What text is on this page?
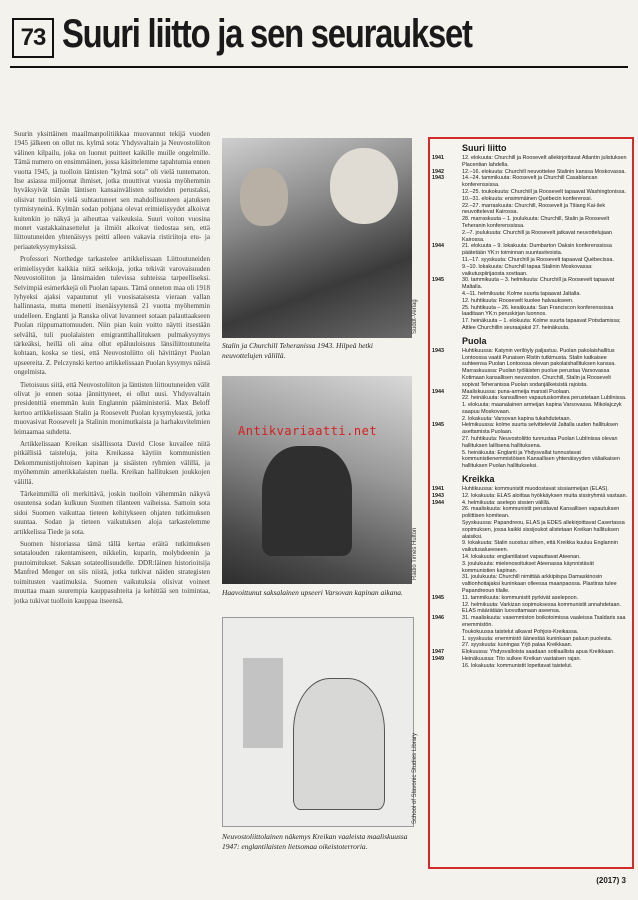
73 Suuri liitto ja sen seuraukset

Suurin yksittäinen maailmanpolitiikkaa muovannut tekijä vuoden 1945 jälkeen on ollut ns. kylmä sota: Yhdysvaltain ja Neuvostoliiton välinen kilpailu, joka on luonut puitteet kaikille muille ongelmille. Tämä numero on ensimmäinen, jossa käsittelemme tapahtumia ennen vuotta 1945, ja tuolloin läntisten ”kylmä sota” oli vielä tuntematon. Itse asiassa miljoonat ihmiset, jotka muuttivat vuosia myöhemmin hyväksyivät tämän läntisen kansainvälisten suhteiden perustaksi, olisivat tuolloin vielä suhtautuneet sen mahdollisuuteen ajatuksen tyrmistyneinä. Kylmän sodan pohjana olevat erimielisyydet alkoivat kuitenkin jo näkyä ja aiheuttaa vaikeuksia. Suuri voiton vuosina monet vastakkainasettelut ja ilmiöt alkoivat tiedostaa sen, että liittoutuneiden yhtenäisyys peitti alleen vakavia ristiriitoja etu- ja periaatekysymyksissä.

Professori Northedge tarkastelee artikkelissaan Liittoutuneiden erimielisyydet kaikkia niitä seikkoja, jotka tekivät varovaisuuden Neuvostoliiton ja länsimaiden tulevissa suhteissa tarpeelliseksi. Selvimpiä esimerkkejä oli Puolan tapaus. Tämä onneton maa oli 1918 lyhyeksi ajaksi vapautunut yli vuosisataisesta vieraan vallan hallinnasta, mutta menetti itsenäisyytensä 21 vuotta myöhemmin uudelleen. Englanti ja Ranska olivat luvanneet sotaan palauttaakseen Puolan riippumattomuuden. Niin pian kuin voitto näytti itsestään selvältä, tuli puolalaisten emigranttihallituksen pulmakysymys tärkeäksi, heillä oli aina ollut epäluuloisuus länsiliittoutuneita kohtaan, koska se tiesi, että Neuvostoliitto oli hävittänyt Puolan upseereita. Z. Pelczynski kertoo artikkelissaan Puolan kysymys näistä ongelmista.

Tietoisuus siitä, että Neuvostoliiton ja läntisten liittoutuneiden välit olivat jo ennen sotaa jännittyneet, ei ollut uusi. Yhdysvaltain presidenttiä enemmän kuin Englannin pääministeriä. Max Beloff kertoo artikkelissaan Stalin ja Roosevelt Puolan kysymyksestä, jotka muovasivat Roosevelt ja Stalinin monimutkaista ja harhakuvitelmien leimaamaa suhdetta.

Artikkelissaan Kreikan sisällissota David Close kuvailee niitä pitkällisiä taisteluja, joita Kreikassa käytiin kommunistien Dekommunistijohtoisen kapinan ja sisäisten ryhmien välillä, ja myöhemmin amerikkalaisten tuella. Kreikan hallituksen joukkojen välillä.

Tärkeimmillä oli merkittävä, joskin tuolloin vähemmän näkyvä osuutensa sodan kulkuun Suomen tilanteen vaiheissa. Samoin sota sidoi Suomen vaikuttaa tieteen kehitykseen ohjaten tutkimuksen suuntaa. Sodan ja tieteen vaikutuksen aloja tarkastelemme artikkelissa Tiede ja sota.

Suomen historiassa tämä tällä kertaa eräitä tutkimuksen sotatalouden rakentamiseen, nikkelin, kuparin, molybdeenin ja puutoimitukset. Saksan sotateollisuudelle. DDR:läinen historioitsija Manfred Menger on siis niistä, jotka tutkivat näiden strategisten toimitusten vaatimuksia. Suomen vaikutuksia olisivat voineet muuttaa maan suurempia kauppasuhteita ja kehittää sen toimintaa, jotka tukivat tuolloin kauppaa itseensä.

Süddt-Verlag
Stalin ja Churchill Teheranissa 1943. Hilpeä hetki neuvottelujen välillä.
Radio Times Hulton
Haavoittunut saksalainen upseeri Varsovan kapinan aikana.
Antikvariaatti.net
School of Slavonic Studies Library
Neuvostoliittolainen näkemys Kreikan vaaleista maaliskuussa 1947: englantilaisten lietsomaa oikeistoterroria.
Suuri liitto
1941	12. elokuuta: Churchill ja Roosevelt allekirjoittavat Atlantin julistuksen Placentian lahdella.
1942	12.–16. elokuuta: Churchill neuvottelee Stalinin kanssa Moskovassa.
1943	14.–24. tammikuuta: Roosevelt ja Churchill Casablancan konferenssissa.
12.–25. toukokuuta: Churchill ja Roosevelt tapaavat Washingtonissa.
10.–31. elokuuta: ensimmäinen Québecin konferenssi.
22.–27. marraskuuta: Churchill, Roosevelt ja Tšiang Kai-šek neuvottelevat Kairossa.
28. marraskuuta – 1. joulukuuta: Churchill, Stalin ja Roosevelt Teheranin konferenssissa.
2.–7. joulukuuta: Churchill ja Roosevelt jatkavat neuvottelujaan Kairossa.
1944	21. elokuuta – 9. lokakuuta: Dumbarton Oaksin konferenssissa päätetään YK:n toiminnan suuntaviivoista.
11.–17. syyskuuta: Churchill ja Roosevelt tapaavat Québecissa.
9.–10. lokakuuta: Churchill tapaa Stalinin Moskovassa: vaikutuspiirijaosta sovitaan.
1945	30. tammikuuta – 3. helmikuuta: Churchill ja Roosevelt tapaavat Maltalla.
4.–11. helmikuuta: Kolme suurta tapaavat Jaltalla.
12. huhtikuuta: Roosevelt kuolee halvaukseen.
25. huhtikuuta – 26. kesäkuuta: San Franciscon konferenssissa laaditaan YK:n peruskirjan luonnos.
17. heinäkuuta – 1. elokuuta: Kolme suurta tapaavat Potsdamissa; Attlee Churchillin seuraajaksi 27. heinäkuuta.
Puola
1943	Huhtikuussa: Katynin verilöyly paljastuu. Puolan pakolaishallitus Lontoossa vaatii Punaisen Ristin tutkimusta. Stalin katkaisee suhteensa Puolan Lontoossa olevan pakolaishallituksen kanssa.
Marraskuussa: Puolan työläisten puolue perustaa Varsovassa Kotimaan kansallisen neuvoston. Churchill, Stalin ja Roosevelt sopivat Teheranissa Puolan sodanjälkeisistä rajoista.
1944	Maaliskuussa: puna-armeija marssii Puolaan.
22. heinäkuuta: kansallinen vapautuskomitea perustetaan Lublinissa.
1. elokuuta: maanalainen armeijan kapina Varsovassa. Mikołajczyk saapuu Moskovaan.
2. lokakuuta: Varsovan kapina tukahdutetaan.
1945	Helmikuussa: kolme suurta selvittelevät Jaltalla uuden hallituksen asettamista Puolaan.
27. huhtikuuta: Neuvostoliitto tunnustaa Puolan Lublinissa olevan hallituksen laillisena hallituksena.
5. heinäkuuta: Englanti ja Yhdysvallat tunnustavat kommunistienemmistöisen Kansallisen yhtenäisyyden väliaikaisen hallituksen Puolan hallitukseksi.
Kreikka
1941	Huhtikuussa: kommunistit muodostavat sissiarmeijan (ELAS).
1943	12. lokakuuta: ELAS aloittaa hyökkäyksen muita sissiryhmiä vastaan.
1944	4. helmikuuta: aselepo sissien välillä.
26. maaliskuuta: kommunistit perustavat Kansallisen vapautuksen poliittisen komitean.
Syyskuussa: Papandreou, ELAS ja EDES allekirjoittavat Casertassa sopimuksen, jossa kaikki sissijoukot alistetaan Kreikan hallituksen alaisiksi.
9. lokakuuta: Stalin suostuu siihen, että Kreikka kuuluu Englannin vaikutusalueeseen.
14. lokakuuta: englantilaiset vapauttavat Ateenan.
3. joulukuuta: mielenosoitukset Ateenassa käynnistävät kommunistien kapinan.
31. joulukuuta: Churchill nimittää arkkipiispa Damaskinosin valtionhoitajaksi kuninkaan olleessa maanpaossa. Plastiras tulee Papandreoun tilalle.
1945	11. tammikuuta: kommunistit pyrkivät aselepoon.
12. helmikuuta: Varkizan sopimuksessa kommunistit annahdetaan. ELAS määrätään luovuttamaan aseensa.
1946	31. maaliskuuta: vasemmiston boikotoimissa vaaleissa Tsaldaris saa enemmistön.
Toukokuussa taistelut alkavat Pohjois-Kreikassa.
1. syyskuuta: enemmistö äänestää kuninkaan paluun puolesta.
27. syyskuuta: kuningas Yrjö palaa Kreikkaan.
1947	Elokuussa: Yhdysvalloista saadaan sotilaallista apua Kreikkaan.
1949	Heinäkuussa: Tito sulkee Kreikan vastaisen rajan.
16. lokakuuta: kommunistit lopettavat taistelut.
(2017) 3
